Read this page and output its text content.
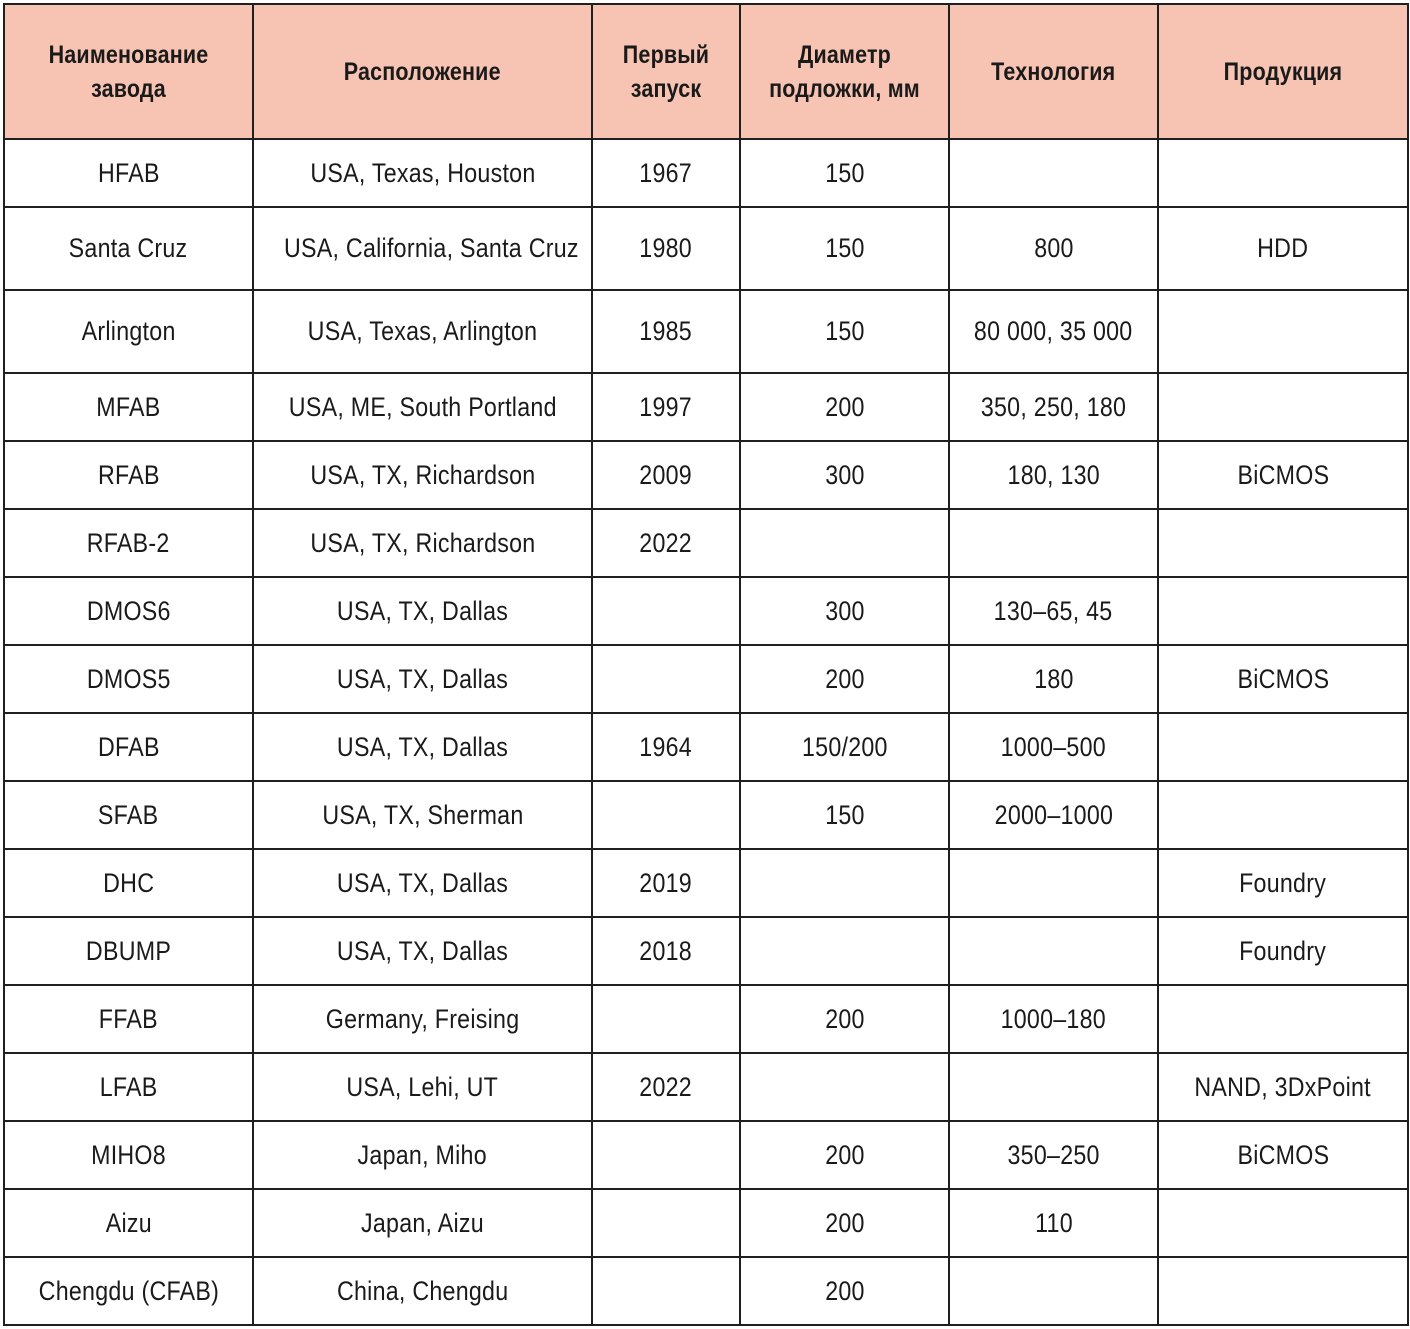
Наименование завода	Расположение	Первый запуск	Диаметр подложки, мм	Технология	Продукция
HFAB	USA, Texas, Houston	1967	150		
Santa Cruz	USA, California, Santa Cruz	1980	150	800	HDD
Arlington	USA, Texas, Arlington	1985	150	80 000, 35 000	
MFAB	USA, ME, South Portland	1997	200	350, 250, 180	
RFAB	USA, TX, Richardson	2009	300	180, 130	BiCMOS
RFAB-2	USA, TX, Richardson	2022			
DMOS6	USA, TX, Dallas		300	130–65, 45	
DMOS5	USA, TX, Dallas		200	180	BiCMOS
DFAB	USA, TX, Dallas	1964	150/200	1000–500	
SFAB	USA, TX, Sherman		150	2000–1000	
DHC	USA, TX, Dallas	2019			Foundry
DBUMP	USA, TX, Dallas	2018			Foundry
FFAB	Germany, Freising		200	1000–180	
LFAB	USA, Lehi, UT	2022			NAND, 3DxPoint
MIHO8	Japan, Miho		200	350–250	BiCMOS
Aizu	Japan, Aizu		200	110	
Chengdu (CFAB)	China, Chengdu		200		
